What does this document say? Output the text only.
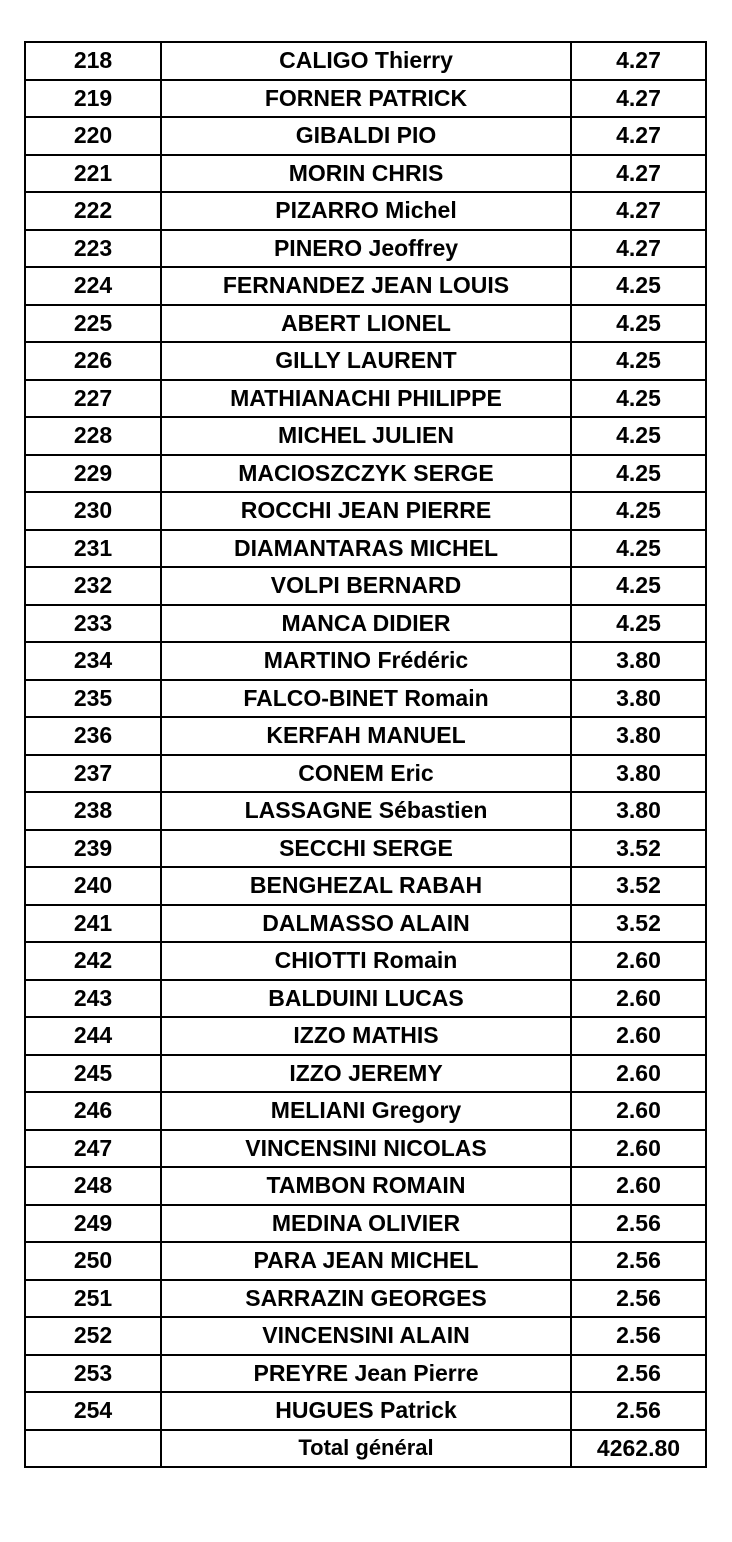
218	CALIGO Thierry	4.27
219	FORNER PATRICK	4.27
220	GIBALDI PIO	4.27
221	MORIN CHRIS	4.27
222	PIZARRO Michel	4.27
223	PINERO Jeoffrey	4.27
224	FERNANDEZ JEAN LOUIS	4.25
225	ABERT LIONEL	4.25
226	GILLY LAURENT	4.25
227	MATHIANACHI PHILIPPE	4.25
228	MICHEL JULIEN	4.25
229	MACIOSZCZYK SERGE	4.25
230	ROCCHI JEAN PIERRE	4.25
231	DIAMANTARAS MICHEL	4.25
232	VOLPI BERNARD	4.25
233	MANCA DIDIER	4.25
234	MARTINO Frédéric	3.80
235	FALCO-BINET Romain	3.80
236	KERFAH MANUEL	3.80
237	CONEM Eric	3.80
238	LASSAGNE Sébastien	3.80
239	SECCHI SERGE	3.52
240	BENGHEZAL RABAH	3.52
241	DALMASSO ALAIN	3.52
242	CHIOTTI Romain	2.60
243	BALDUINI LUCAS	2.60
244	IZZO MATHIS	2.60
245	IZZO JEREMY	2.60
246	MELIANI Gregory	2.60
247	VINCENSINI NICOLAS	2.60
248	TAMBON ROMAIN	2.60
249	MEDINA OLIVIER	2.56
250	PARA JEAN MICHEL	2.56
251	SARRAZIN GEORGES	2.56
252	VINCENSINI ALAIN	2.56
253	PREYRE Jean Pierre	2.56
254	HUGUES Patrick	2.56
	Total général	4262.80
